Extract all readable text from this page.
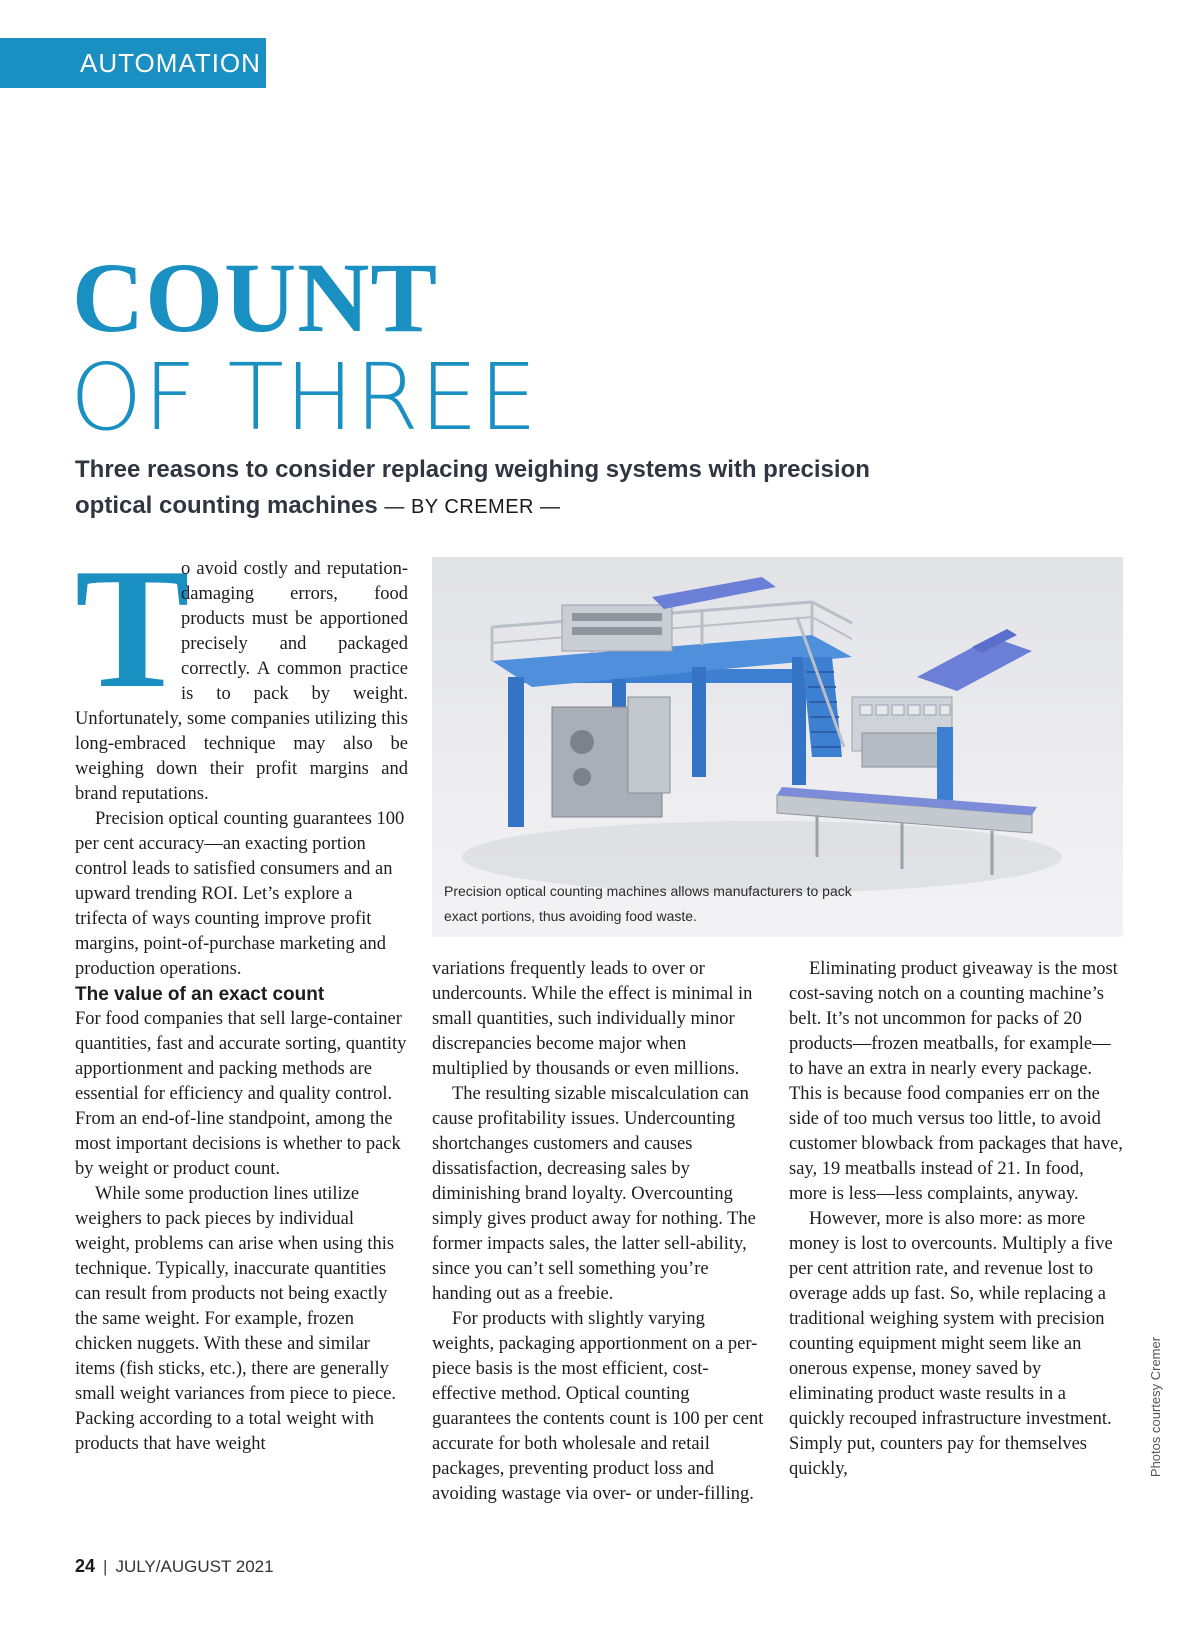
AUTOMATION
COUNT
OF THREE
Three reasons to consider replacing weighing systems with precision optical counting machines — BY CREMER —
T

o avoid costly and reputation-damaging errors, food products must be apportioned precisely and packaged correctly. A common practice is to pack by weight. Unfortunately, some companies utilizing this long-embraced technique may also be weighing down their profit margins and brand reputations.

Precision optical counting guarantees 100 per cent accuracy—an exacting portion control leads to satisfied consumers and an upward trending ROI. Let’s explore a trifecta of ways counting improve profit margins, point-of-purchase marketing and production operations.

The value of an exact count

For food companies that sell large-container quantities, fast and accurate sorting, quantity apportionment and packing methods are essential for efficiency and quality control. From an end-of-line standpoint, among the most important decisions is whether to pack by weight or product count.

While some production lines utilize weighers to pack pieces by individual weight, problems can arise when using this technique. Typically, inaccurate quantities can result from products not being exactly the same weight. For example, frozen chicken nuggets. With these and similar items (fish sticks, etc.), there are generally small weight variances from piece to piece. Packing according to a total weight with products that have weight

Precision optical counting machines allows manufacturers to pack exact portions, thus avoiding food waste.

variations frequently leads to over or undercounts. While the effect is minimal in small quantities, such individually minor discrepancies become major when multiplied by thousands or even millions.

The resulting sizable miscalculation can cause profitability issues. Undercounting shortchanges customers and causes dissatisfaction, decreasing sales by diminishing brand loyalty. Overcounting simply gives product away for nothing. The former impacts sales, the latter sell-ability, since you can’t sell something you’re handing out as a freebie.

For products with slightly varying weights, packaging apportionment on a per-piece basis is the most efficient, cost-effective method. Optical counting guarantees the contents count is 100 per cent accurate for both wholesale and retail packages, preventing product loss and avoiding wastage via over- or under-filling.

Eliminating product giveaway is the most cost-saving notch on a counting machine’s belt. It’s not uncommon for packs of 20 products—frozen meatballs, for example—to have an extra in nearly every package. This is because food companies err on the side of too much versus too little, to avoid customer blowback from packages that have, say, 19 meatballs instead of 21. In food, more is less—less complaints, anyway.

However, more is also more: as more money is lost to overcounts. Multiply a five per cent attrition rate, and revenue lost to overage adds up fast. So, while replacing a traditional weighing system with precision counting equipment might seem like an onerous expense, money saved by eliminating product waste results in a quickly recouped infrastructure investment. Simply put, counters pay for themselves quickly,	Photos courtesy Cremer
24 | JULY/AUGUST 2021
